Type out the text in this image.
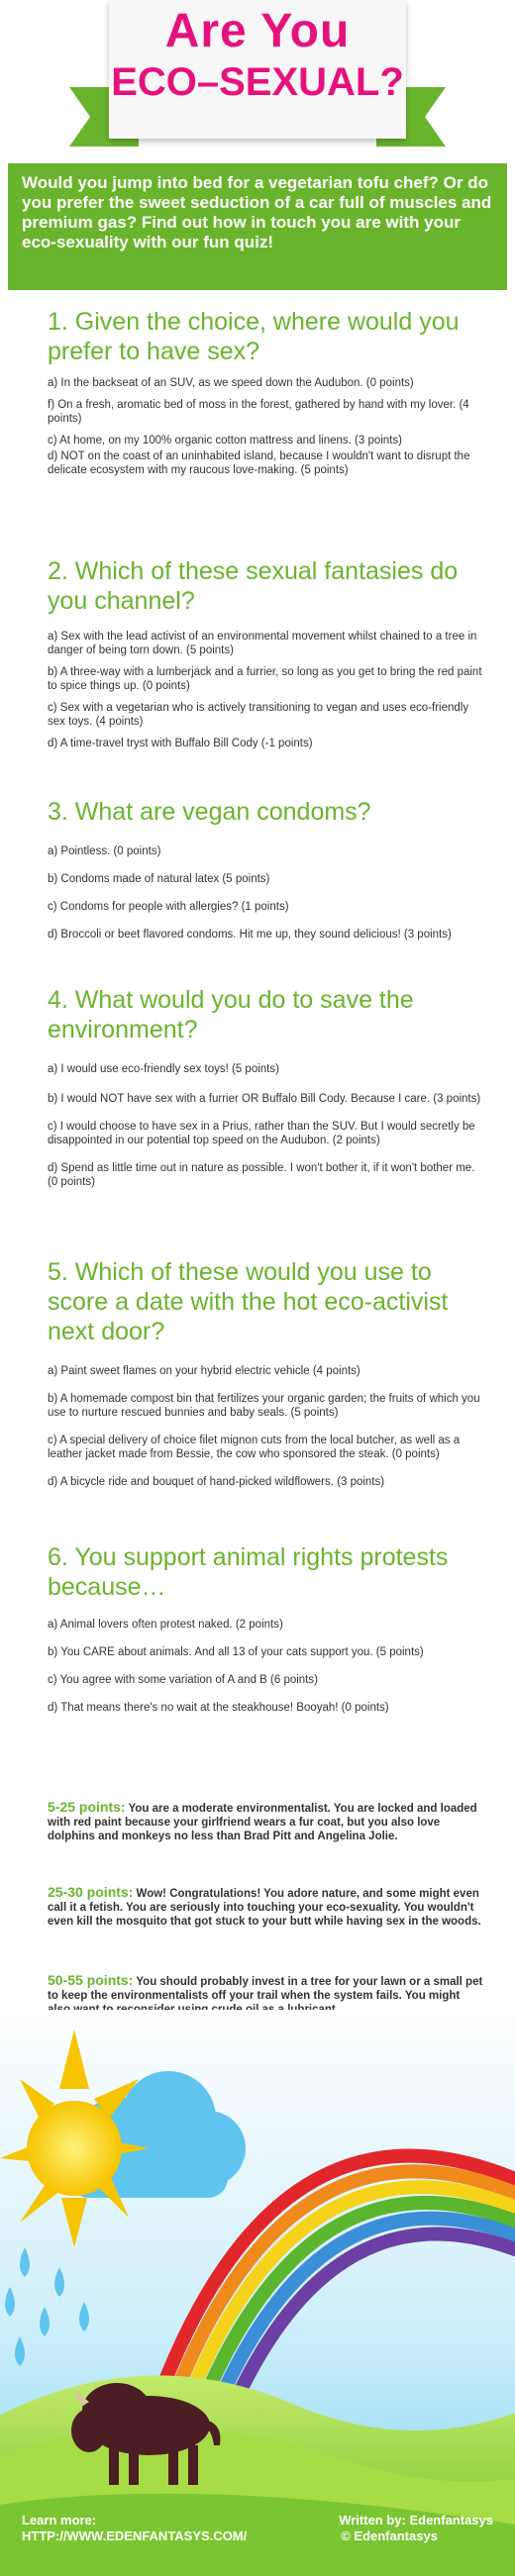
Are You
ECO–SEXUAL?

Would you jump into bed for a vegetarian tofu chef? Or do you prefer the sweet seduction of a car full of muscles and premium gas? Find out how in touch you are with your eco-sexuality with our fun quiz!

1. Given the choice, where would you prefer to have sex?
a) In the backseat of an SUV, as we speed down the Audubon. (0 points)
f) On a fresh, aromatic bed of moss in the forest, gathered by hand with my lover. (4 points)
c) At home, on my 100% organic cotton mattress and linens. (3 points)
d) NOT on the coast of an uninhabited island, because I wouldn't want to disrupt the delicate ecosystem with my raucous love-making. (5 points)
2. Which of these sexual fantasies do you channel?
a) Sex with the lead activist of an environmental movement whilst chained to a tree in danger of being torn down. (5 points)
b) A three-way with a lumberjack and a furrier, so long as you get to bring the red paint to spice things up. (0 points)
c) Sex with a vegetarian who is actively transitioning to vegan and uses eco-friendly sex toys. (4 points)
d) A time-travel tryst with Buffalo Bill Cody (-1 points)
3. What are vegan condoms?
a) Pointless. (0 points)
b) Condoms made of natural latex (5 points)
c) Condoms for people with allergies? (1 points)
d) Broccoli or beet flavored condoms. Hit me up, they sound delicious! (3 points)
4. What would you do to save the environment?
a) I would use eco-friendly sex toys! (5 points)
b) I would NOT have sex with a furrier OR Buffalo Bill Cody. Because I care. (3 points)
c) I would choose to have sex in a Prius, rather than the SUV. But I would secretly be disappointed in our potential top speed on the Audubon. (2 points)
d) Spend as little time out in nature as possible. I won't bother it, if it won't bother me. (0 points)
5. Which of these would you use to score a date with the hot eco-activist next door?
a) Paint sweet flames on your hybrid electric vehicle (4 points)
b) A homemade compost bin that fertilizes your organic garden; the fruits of which you use to nurture rescued bunnies and baby seals. (5 points)
c) A special delivery of choice filet mignon cuts from the local butcher, as well as a leather jacket made from Bessie, the cow who sponsored the steak. (0 points)
d) A bicycle ride and bouquet of hand-picked wildflowers. (3 points)
6. You support animal rights protests because…
a) Animal lovers often protest naked. (2 points)
b) You CARE about animals. And all 13 of your cats support you. (5 points)
c) You agree with some variation of A and B (6 points)
d) That means there's no wait at the steakhouse! Booyah! (0 points)
5-25 points: You are a moderate environmentalist. You are locked and loaded with red paint because your girlfriend wears a fur coat, but you also love dolphins and monkeys no less than Brad Pitt and Angelina Jolie.
25-30 points: Wow! Congratulations! You adore nature, and some might even call it a fetish. You are seriously into touching your eco-sexuality. You wouldn't even kill the mosquito that got stuck to your butt while having sex in the woods.
50-55 points: You should probably invest in a tree for your lawn or a small pet to keep the environmentalists off your trail when the system fails. You might
Learn more:
HTTP://WWW.EDENFANTASYS.COM/
Written by: Edenfantasys
© Edenfantasys
